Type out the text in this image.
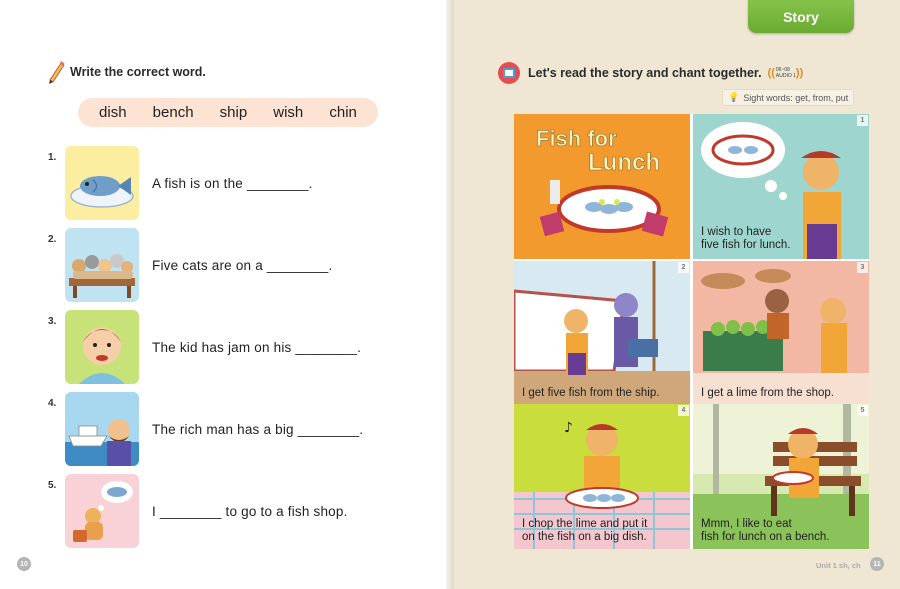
Write the correct word.
dish bench ship wish chin
1.
A fish is on the ________.
2.
Five cats are on a ________.
3.
The kid has jam on his ________.
4.
The rich man has a big ________.
5.
I ________ to go to a fish shop.
10
Story
Let's read the story and chant together. (( 06~08
AUDIO 1 ))
💡 Sight words: get, from, put
Fish for
Lunch
1
I wish to have
five fish for lunch.
2
I get five fish from the ship.
3
I get a lime from the shop.
♪
4
I chop the lime and put it
on the fish on a big dish.
5
Mmm, I like to eat
fish for lunch on a bench.
Unit 1 sh, ch	11
